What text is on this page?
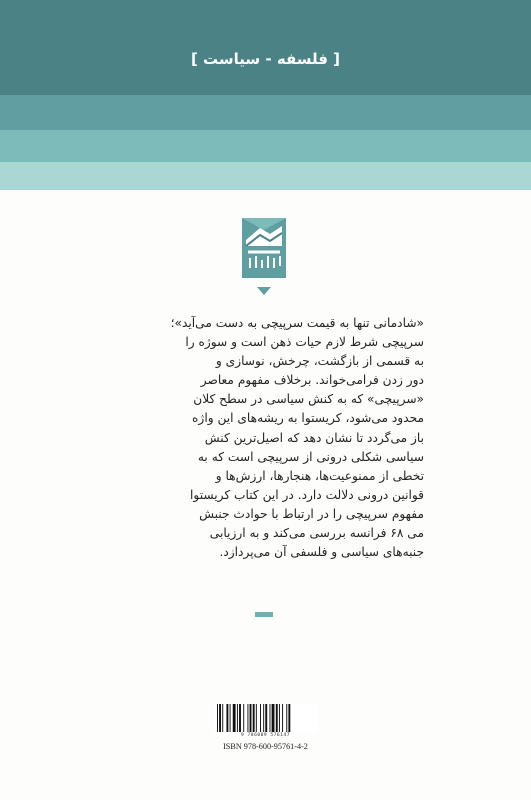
[ فلسفه - سیاست ]
«شادمانی تنها به قیمت سرپیچی به دست می‌آید»؛
سرپیچی شرط لازم حیات ذهن است و سوژه را
به قسمی از بازگشت، چرخش، نوسازی و
دور زدن فرامی‌خواند. برخلاف مفهوم معاصر
«سرپیچی» که به کنش سیاسی در سطح کلان
محدود می‌شود، کریستوا به ریشه‌های این واژه
باز می‌گردد تا نشان دهد که اصیل‌ترین کنش
سیاسی شکلی درونی از سرپیچی است که به
تخطی از ممنوعیت‌ها، هنجارها، ارزش‌ها و
قوانین درونی دلالت دارد. در این کتاب کریستوا
مفهوم سرپیچی را در ارتباط با حوادث جنبش
می ۶۸ فرانسه بررسی می‌کند و به ارزیابی
جنبه‌های سیاسی و فلسفی آن می‌پردازد.
9 786009 576147
ISBN 978-600-95761-4-2
